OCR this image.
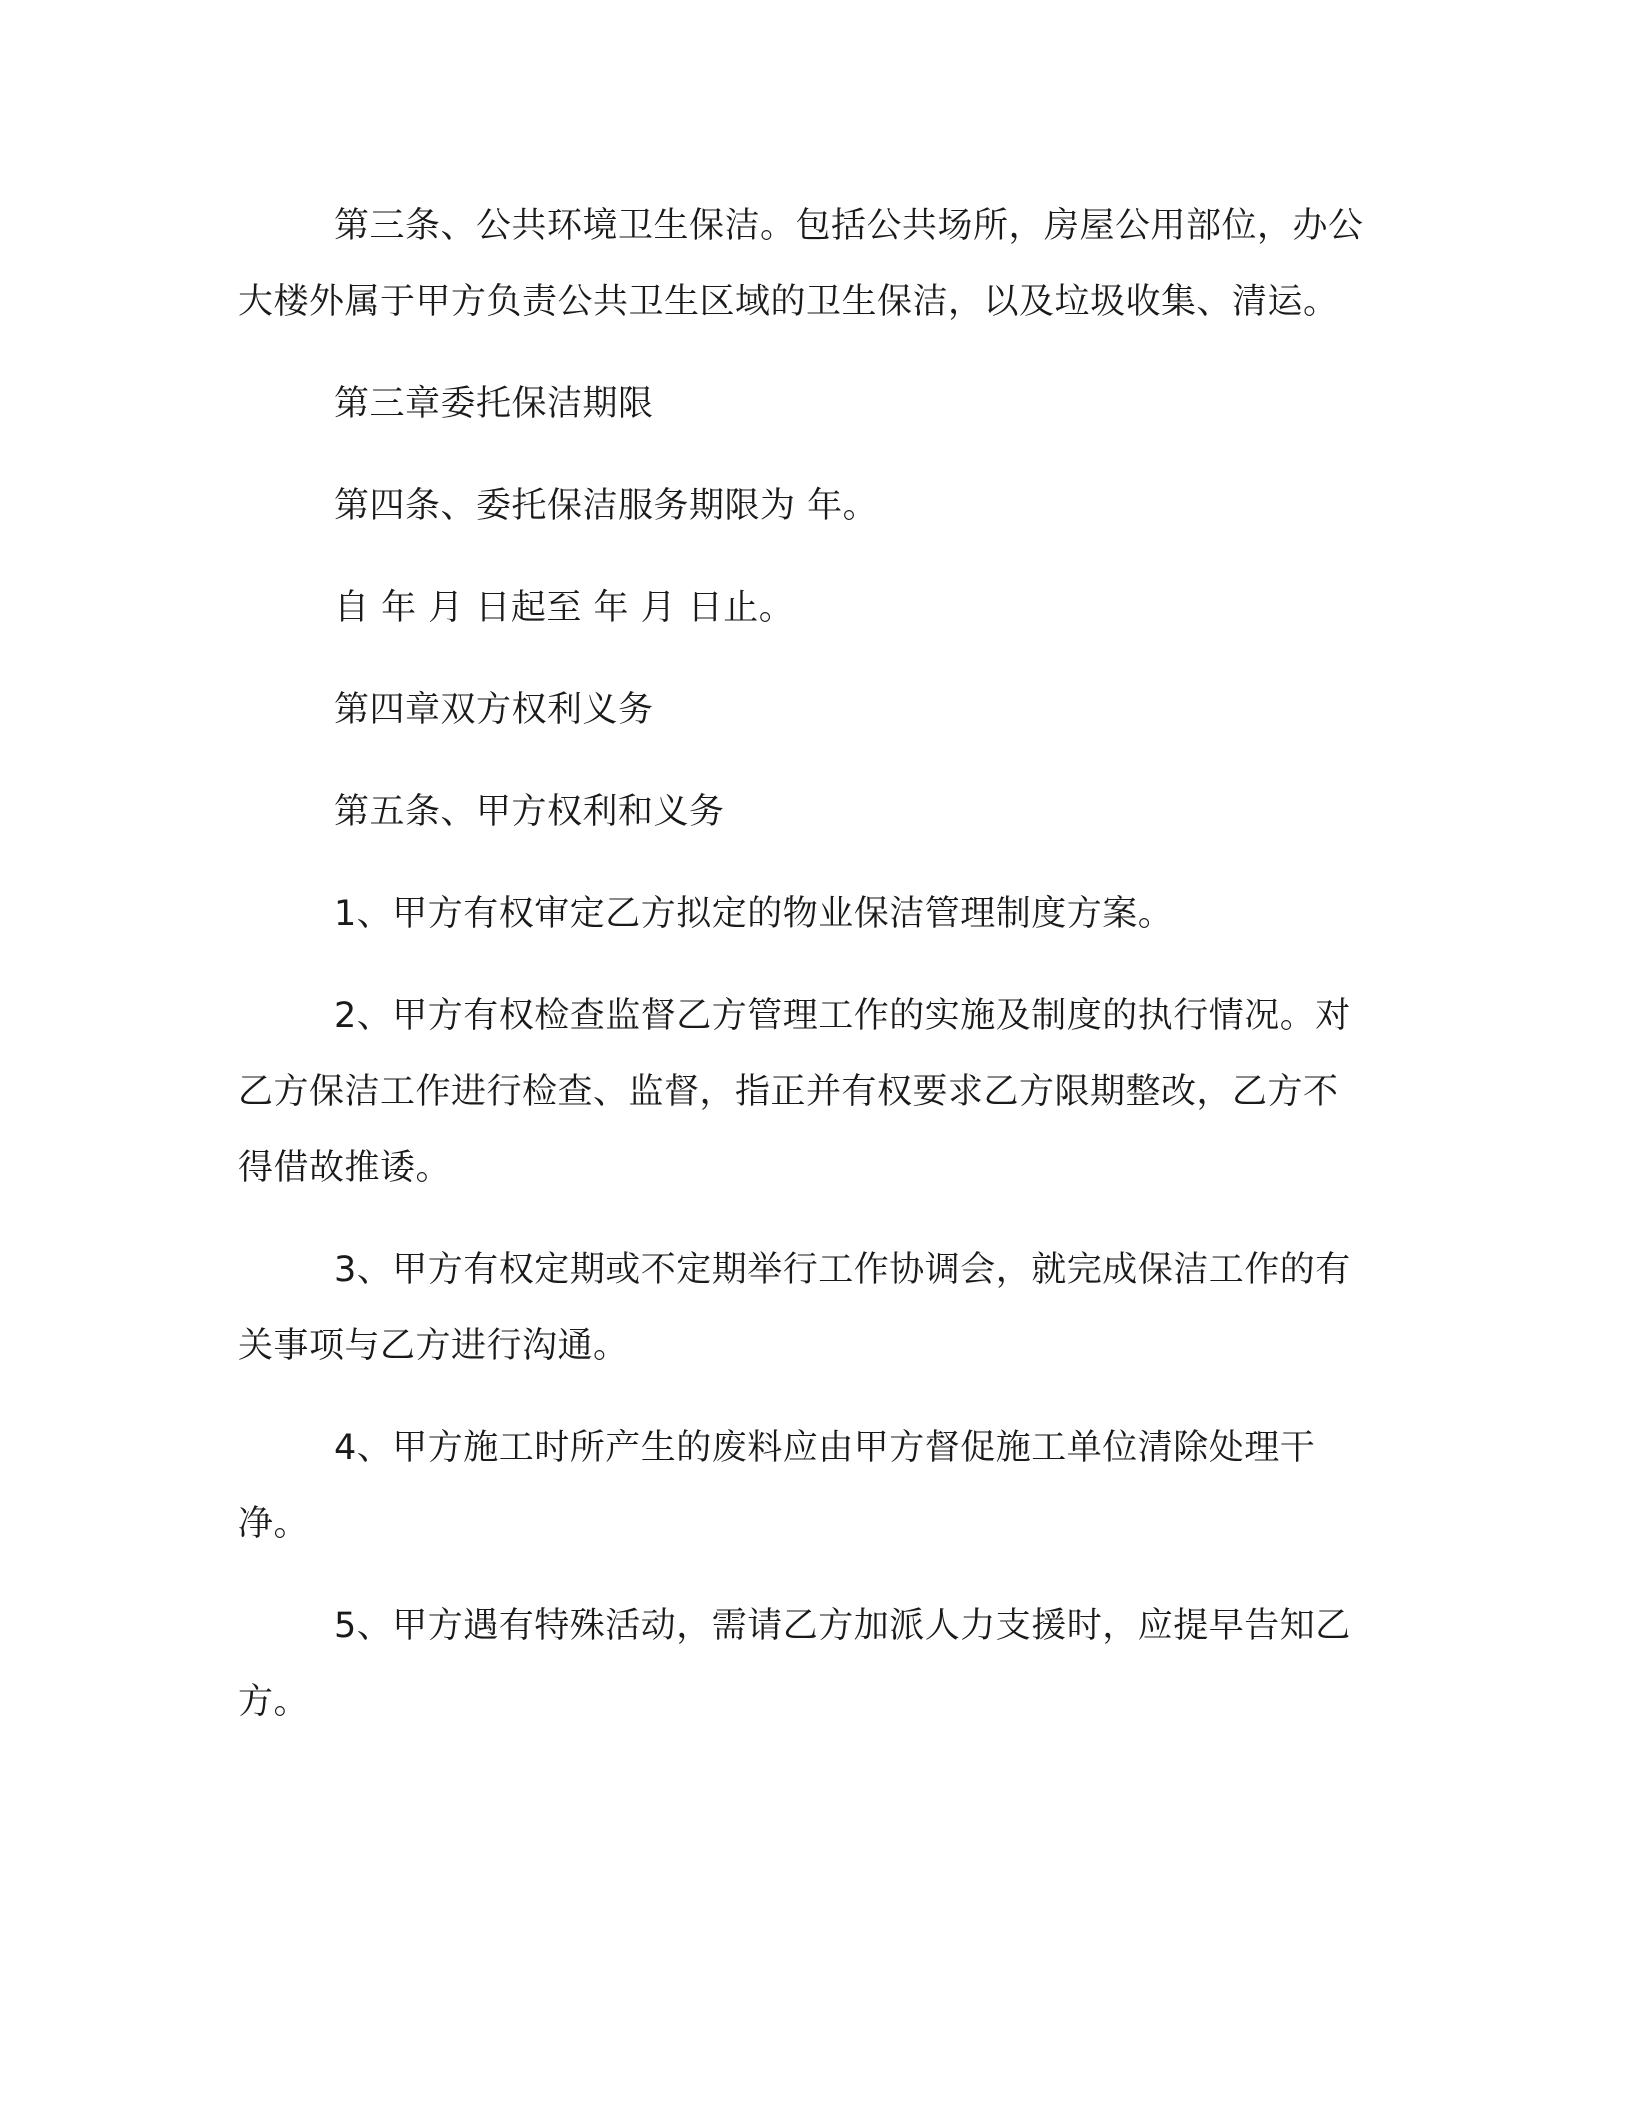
第三条、公共环境卫生保洁。包括公共场所，房屋公用部位，办公大楼外属于甲方负责公共卫生区域的卫生保洁，以及垃圾收集、清运。

第三章委托保洁期限

第四条、委托保洁服务期限为 年。

自 年 月 日起至 年 月 日止。

第四章双方权利义务

第五条、甲方权利和义务

1、甲方有权审定乙方拟定的物业保洁管理制度方案。

2、甲方有权检查监督乙方管理工作的实施及制度的执行情况。对乙方保洁工作进行检查、监督，指正并有权要求乙方限期整改，乙方不得借故推诿。

3、甲方有权定期或不定期举行工作协调会，就完成保洁工作的有关事项与乙方进行沟通。

4、甲方施工时所产生的废料应由甲方督促施工单位清除处理干净。

5、甲方遇有特殊活动，需请乙方加派人力支援时，应提早告知乙方。
